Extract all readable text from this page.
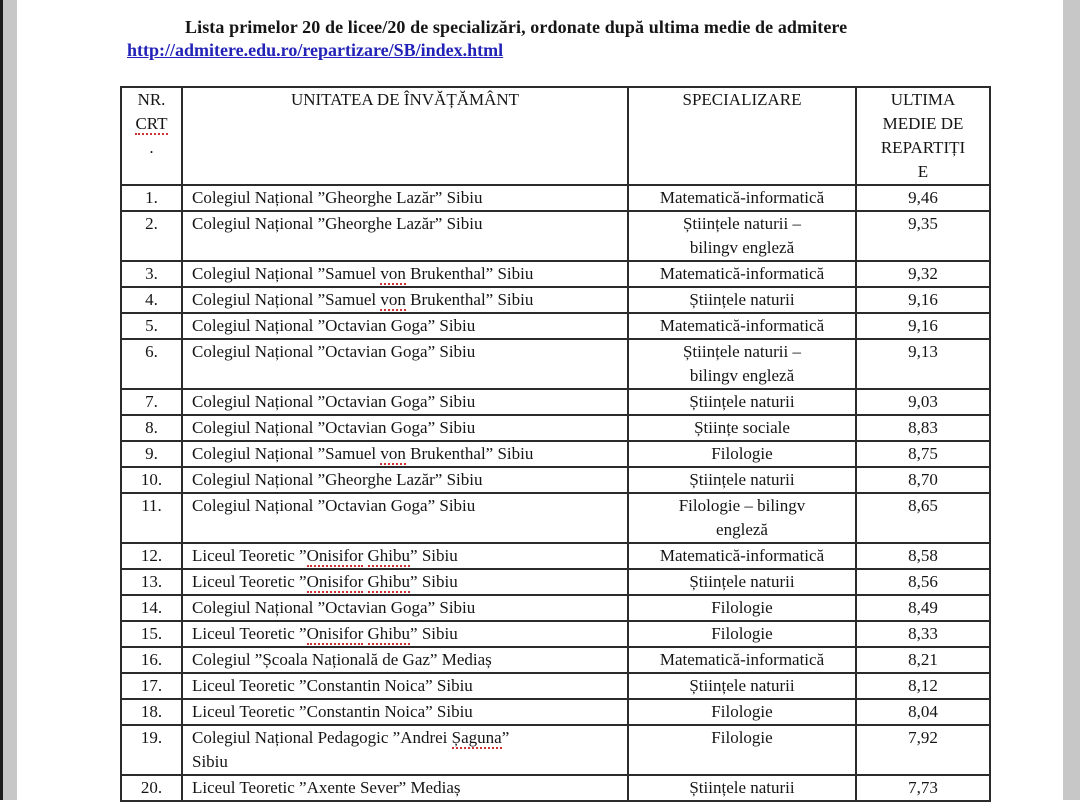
Lista primelor 20 de licee/20 de specializări, ordonate după ultima medie de admitere
http://admitere.edu.ro/repartizare/SB/index.html
NR.
CRT
.	UNITATEA DE ÎNVĂȚĂMÂNT	SPECIALIZARE	ULTIMA
MEDIE DE
REPARTIȚI
E
1.	Colegiul Național ”Gheorghe Lazăr” Sibiu	Matematică-informatică	9,46
2.	Colegiul Național ”Gheorghe Lazăr” Sibiu	Științele naturii –
bilingv engleză	9,35
3.	Colegiul Național ”Samuel von Brukenthal” Sibiu	Matematică-informatică	9,32
4.	Colegiul Național ”Samuel von Brukenthal” Sibiu	Științele naturii	9,16
5.	Colegiul Național ”Octavian Goga” Sibiu	Matematică-informatică	9,16
6.	Colegiul Național ”Octavian Goga” Sibiu	Științele naturii –
bilingv engleză	9,13
7.	Colegiul Național ”Octavian Goga” Sibiu	Științele naturii	9,03
8.	Colegiul Național ”Octavian Goga” Sibiu	Științe sociale	8,83
9.	Colegiul Național ”Samuel von Brukenthal” Sibiu	Filologie	8,75
10.	Colegiul Național ”Gheorghe Lazăr” Sibiu	Științele naturii	8,70
11.	Colegiul Național ”Octavian Goga” Sibiu	Filologie – bilingv
engleză	8,65
12.	Liceul Teoretic ”Onisifor Ghibu” Sibiu	Matematică-informatică	8,58
13.	Liceul Teoretic ”Onisifor Ghibu” Sibiu	Științele naturii	8,56
14.	Colegiul Național ”Octavian Goga” Sibiu	Filologie	8,49
15.	Liceul Teoretic ”Onisifor Ghibu” Sibiu	Filologie	8,33
16.	Colegiul ”Școala Națională de Gaz” Mediaș	Matematică-informatică	8,21
17.	Liceul Teoretic ”Constantin Noica” Sibiu	Științele naturii	8,12
18.	Liceul Teoretic ”Constantin Noica” Sibiu	Filologie	8,04
19.	Colegiul Național Pedagogic ”Andrei Șaguna”
Sibiu	Filologie	7,92
20.	Liceul Teoretic ”Axente Sever” Mediaș	Științele naturii	7,73
